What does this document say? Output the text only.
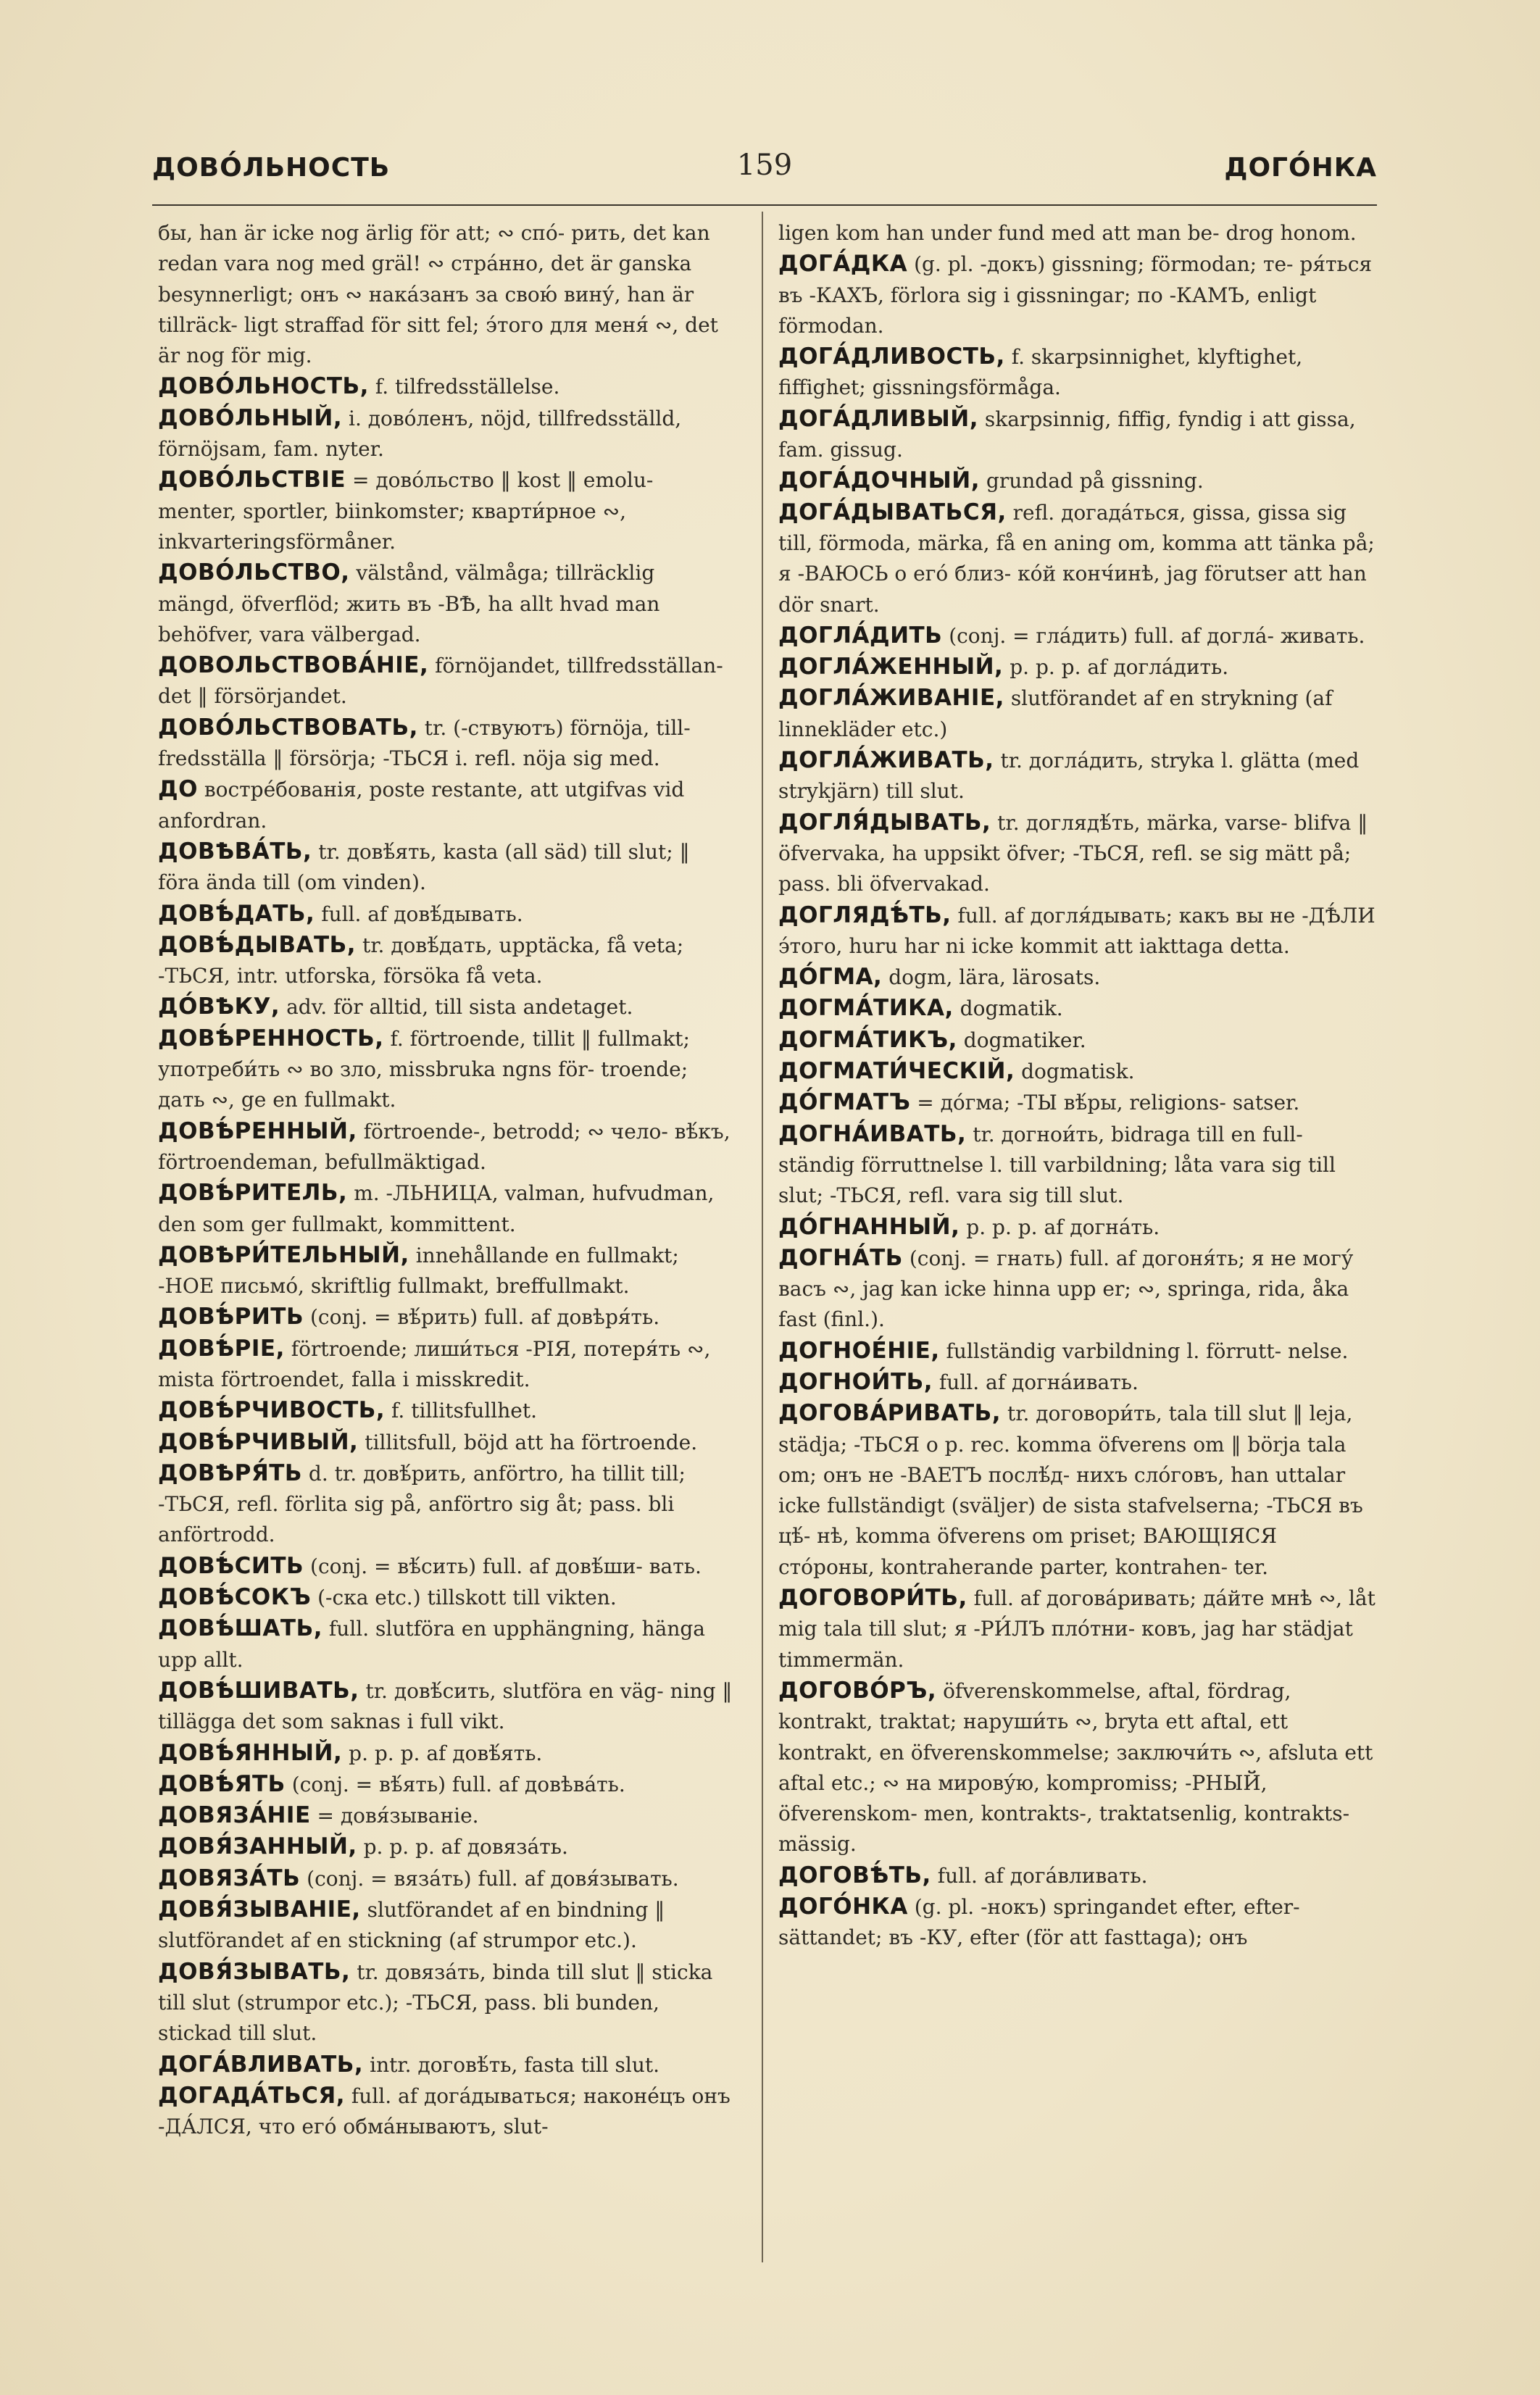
ДОВО́ЛЬНОСТЬ	159	ДОГО́НКА

бы, han är icke nog ärlig för att; ∾ спо́- рить, det kan redan vara nog med gräl! ∾ стра́нно, det är ganska besynnerligt; онъ ∾ нака́занъ за свою́ вину́, han är tillräck- ligt straffad för sitt fel; э́того для меня́ ∾, det är nog för mig.

ДОВО́ЛЬНОСТЬ, f. tilfredsställelse.

ДОВО́ЛЬНЫЙ, i. дово́ленъ, nöjd, tillfredsställd, förnöjsam, fam. nyter.

ДОВО́ЛЬСТВІЕ = дово́льство ‖ kost ‖ emolu- menter, sportler, biinkomster; кварти́рное ∾, inkvarteringsförmåner.

ДОВО́ЛЬСТВО, välstånd, välmåga; tillräcklig mängd, öfverflöd; жить въ -ВѢ, ha allt hvad man behöfver, vara välbergad.

ДОВОЛЬСТВОВА́НІЕ, förnöjandet, tillfredsställan- det ‖ försörjandet.

ДОВО́ЛЬСТВОВАТЬ, tr. (-ствуютъ) förnöja, till- fredsställa ‖ försörja; -ТЬСЯ i. refl. nöja sig med.

ДО востре́бованія, poste restante, att utgifvas vid anfordran.

ДОВѢВА́ТЬ, tr. довѣ́ять, kasta (all säd) till slut; ‖ föra ända till (om vinden).

ДОВѢ́ДАТЬ, full. af довѣ́дывать.

ДОВѢ́ДЫВАТЬ, tr. довѣ́дать, upptäcka, få veta; -ТЬСЯ, intr. utforska, försöka få veta.

ДО́ВѢКУ, adv. för alltid, till sista andetaget.

ДОВѢ́РЕННОСТЬ, f. förtroende, tillit ‖ fullmakt; употреби́ть ∾ во зло, missbruka ngns för- troende; дать ∾, ge en fullmakt.

ДОВѢ́РЕННЫЙ, förtroende-, betrodd; ∾ чело- вѣ́къ, förtroendeman, befullmäktigad.

ДОВѢ́РИТЕЛЬ, m. -ЛЬНИЦА, valman, hufvudman, den som ger fullmakt, kommittent.

ДОВѢРИ́ТЕЛЬНЫЙ, innehållande en fullmakt; -НОЕ письмо́, skriftlig fullmakt, breffullmakt.

ДОВѢ́РИТЬ (conj. = вѣ́рить) full. af довѣря́ть.

ДОВѢ́РІЕ, förtroende; лиши́ться -РІЯ, потеря́ть ∾, mista förtroendet, falla i misskredit.

ДОВѢ́РЧИВОСТЬ, f. tillitsfullhet.

ДОВѢ́РЧИВЫЙ, tillitsfull, böjd att ha förtroende.

ДОВѢРЯ́ТЬ d. tr. довѣ́рить, anförtro, ha tillit till; -ТЬСЯ, refl. förlita sig på, anförtro sig åt; pass. bli anförtrodd.

ДОВѢ́СИТЬ (conj. = вѣ́сить) full. af довѣ́ши- вать.

ДОВѢ́СОКЪ (-ска etc.) tillskott till vikten.

ДОВѢ́ШАТЬ, full. slutföra en upphängning, hänga upp allt.

ДОВѢ́ШИВАТЬ, tr. довѣ́сить, slutföra en väg- ning ‖ tillägga det som saknas i full vikt.

ДОВѢ́ЯННЫЙ, p. p. p. af довѣ́ять.

ДОВѢ́ЯТЬ (conj. = вѣ́ять) full. af довѣва́ть.

ДОВЯЗА́НІЕ = довя́зываніе.

ДОВЯ́ЗАННЫЙ, p. p. p. af довяза́ть.

ДОВЯЗА́ТЬ (conj. = вяза́ть) full. af довя́зывать.

ДОВЯ́ЗЫВАНІЕ, slutförandet af en bindning ‖ slutförandet af en stickning (af strumpor etc.).

ДОВЯ́ЗЫВАТЬ, tr. довяза́ть, binda till slut ‖ sticka till slut (strumpor etc.); -ТЬСЯ, pass. bli bunden, stickad till slut.

ДОГА́ВЛИВАТЬ, intr. договѣ́ть, fasta till slut.

ДОГАДА́ТЬСЯ, full. af дога́дываться; наконе́цъ онъ -ДА́ЛСЯ, что его́ обма́нываютъ, slut-

ligen kom han under fund med att man be- drog honom.

ДОГА́ДКА (g. pl. -докъ) gissning; förmodan; те- ря́ться въ -КАХЪ, förlora sig i gissningar; по -КАМЪ, enligt förmodan.

ДОГА́ДЛИВОСТЬ, f. skarpsinnighet, klyftighet, fiffighet; gissningsförmåga.

ДОГА́ДЛИВЫЙ, skarpsinnig, fiffig, fyndig i att gissa, fam. gissug.

ДОГА́ДОЧНЫЙ, grundad på gissning.

ДОГА́ДЫВАТЬСЯ, refl. догада́ться, gissa, gissa sig till, förmoda, märka, få en aning om, komma att tänka på; я -ВАЮСЬ о его́ близ- ко́й конч́инѣ, jag förutser att han dör snart.

ДОГЛА́ДИТЬ (conj. = гла́дить) full. af догла́- живать.

ДОГЛА́ЖЕННЫЙ, p. p. p. af догла́дить.

ДОГЛА́ЖИВАНІЕ, slutförandet af en strykning (af linnekläder etc.)

ДОГЛА́ЖИВАТЬ, tr. догла́дить, stryka l. glätta (med strykjärn) till slut.

ДОГЛЯ́ДЫВАТЬ, tr. доглядѣ́ть, märka, varse- blifva ‖ öfvervaka, ha uppsikt öfver; -ТЬСЯ, refl. se sig mätt på; pass. bli öfvervakad.

ДОГЛЯДѢ́ТЬ, full. af догля́дывать; какъ вы не -ДѢ́ЛИ э́того, huru har ni icke kommit att iakttaga detta.

ДО́ГМА, dogm, lära, lärosats.

ДОГМА́ТИКА, dogmatik.

ДОГМА́ТИКЪ, dogmatiker.

ДОГМАТИ́ЧЕСКІЙ, dogmatisk.

ДО́ГМАТЪ = до́гма; -ТЫ вѣ́ры, religions- satser.

ДОГНА́ИВАТЬ, tr. догнои́ть, bidraga till en full- ständig förruttnelse l. till varbildning; låta vara sig till slut; -ТЬСЯ, refl. vara sig till slut.

ДО́ГНАННЫЙ, p. p. p. af догна́ть.

ДОГНА́ТЬ (conj. = гнать) full. af догоня́ть; я не могу́ васъ ∾, jag kan icke hinna upp er; ∾, springa, rida, åka fast (finl.).

ДОГНОЕ́НІЕ, fullständig varbildning l. förrutt- nelse.

ДОГНОИ́ТЬ, full. af догна́ивать.

ДОГОВА́РИВАТЬ, tr. договори́ть, tala till slut ‖ leja, städja; -ТЬСЯ o p. rec. komma öfverens om ‖ börja tala om; онъ не -ВАЕТЪ послѣ́д- нихъ сло́говъ, han uttalar icke fullständigt (sväljer) de sista stafvelserna; -ТЬСЯ въ цѣ́- нѣ, komma öfverens om priset; ВАЮЩІЯСЯ сто́роны, kontraherande parter, kontrahen- ter.

ДОГОВОРИ́ТЬ, full. af догова́ривать; да́йте мнѣ ∾, låt mig tala till slut; я -РИ́ЛЪ пло́тни- ковъ, jag har städjat timmermän.

ДОГОВО́РЪ, öfverenskommelse, aftal, fördrag, kontrakt, traktat; наруши́ть ∾, bryta ett aftal, ett kontrakt, en öfverenskommelse; заключи́ть ∾, afsluta ett aftal etc.; ∾ на мирову́ю, kompromiss; -РНЫЙ, öfverenskom- men, kontrakts-, traktatsenlig, kontrakts- mässig.

ДОГОВѢ́ТЬ, full. af дога́вливать.

ДОГО́НКА (g. pl. -нокъ) springandet efter, efter- sättandet; въ -КУ, efter (för att fasttaga); онъ
